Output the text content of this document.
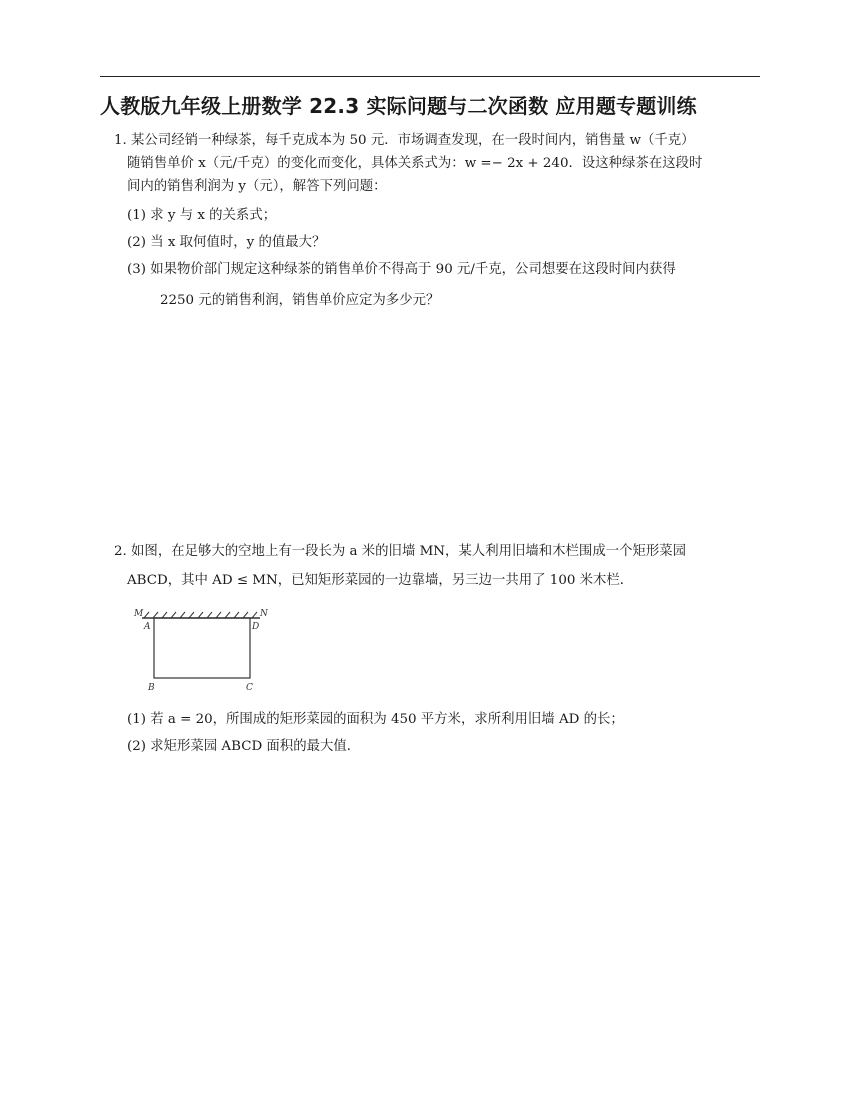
人教版九年级上册数学 22.3 实际问题与二次函数 应用题专题训练
1. 某公司经销一种绿茶，每千克成本为 50 元．市场调查发现，在一段时间内，销售量 w（千克）
随销售单价 x（元/千克）的变化而变化，具体关系式为：w =− 2x + 240．设这种绿茶在这段时
间内的销售利润为 y（元），解答下列问题：
(1) 求 y 与 x 的关系式；
(2) 当 x 取何值时，y 的值最大？
(3) 如果物价部门规定这种绿茶的销售单价不得高于 90 元/千克，公司想要在这段时间内获得
2250 元的销售利润，销售单价应定为多少元？
2. 如图，在足够大的空地上有一段长为 a 米的旧墙 MN，某人利用旧墙和木栏围成一个矩形菜园
ABCD，其中 AD ≤ MN，已知矩形菜园的一边靠墙，另三边一共用了 100 米木栏．
M	N
A	D
B	C
(1) 若 a = 20，所围成的矩形菜园的面积为 450 平方米，求所利用旧墙 AD 的长；
(2) 求矩形菜园 ABCD 面积的最大值．
